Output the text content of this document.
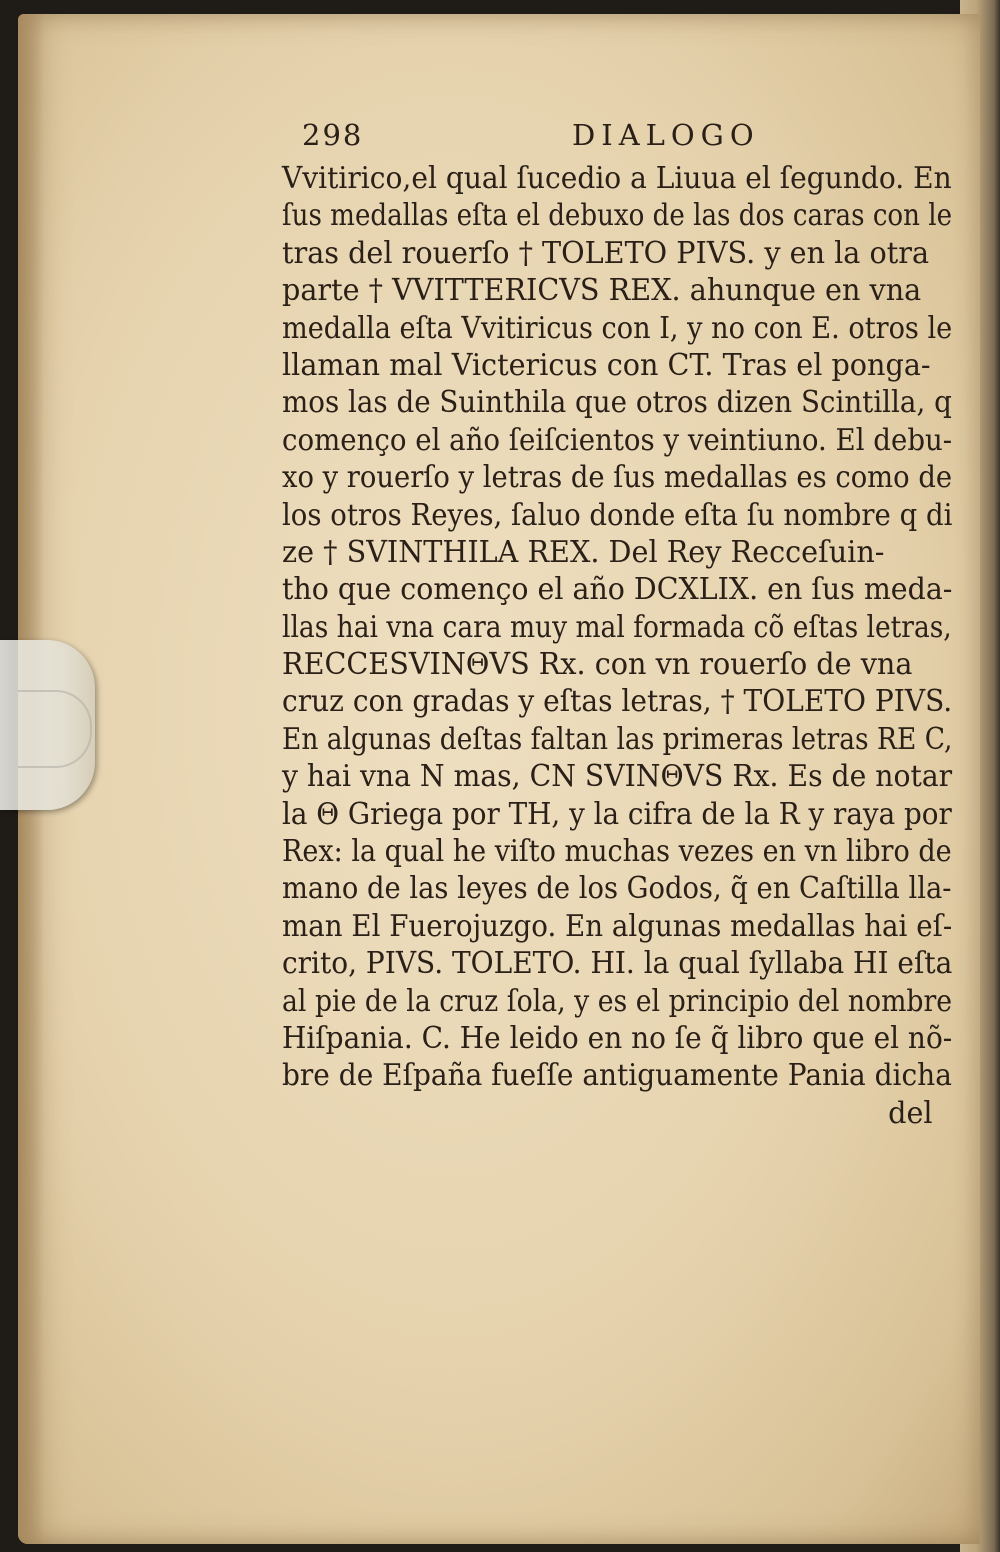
298	DIALOGO
Vvitirico,el qual ſucedio a Liuua el ſegundo. En
ſus medallas eſta el debuxo de las dos caras con le
tras del rouerſo † TOLETO PIVS. y en la otra
parte † VVITTERICVS REX. ahunque en vna
medalla eſta Vvitiricus con I, y no con E. otros le
llaman mal Victericus con CT. Tras el ponga-
mos las de Suinthila que otros dizen Scintilla, q
començo el año ſeiſcientos y veintiuno. El debu-
xo y rouerſo y letras de ſus medallas es como de
los otros Reyes, ſaluo donde eſta ſu nombre q di
ze † SVINTHILA REX. Del Rey Recceſuin-
tho que començo el año DCXLIX. en ſus meda-
llas hai vna cara muy mal formada cõ eſtas letras,
RECCESVINΘVS Rx. con vn rouerſo de vna
cruz con gradas y eſtas letras, † TOLETO PIVS.
En algunas deſtas faltan las primeras letras RE C,
y hai vna N mas, CN SVINΘVS Rx. Es de notar
la Θ Griega por TH, y la cifra de la R y raya por
Rex: la qual he viſto muchas vezes en vn libro de
mano de las leyes de los Godos, q̃ en Caſtilla lla-
man El Fuerojuzgo. En algunas medallas hai eſ-
crito, PIVS. TOLETO. HI. la qual ſyllaba HI eſta
al pie de la cruz ſola, y es el principio del nombre
Hiſpania. C. He leido en no ſe q̃ libro que el nõ-
bre de Eſpaña fueſſe antiguamente Pania dicha
del
